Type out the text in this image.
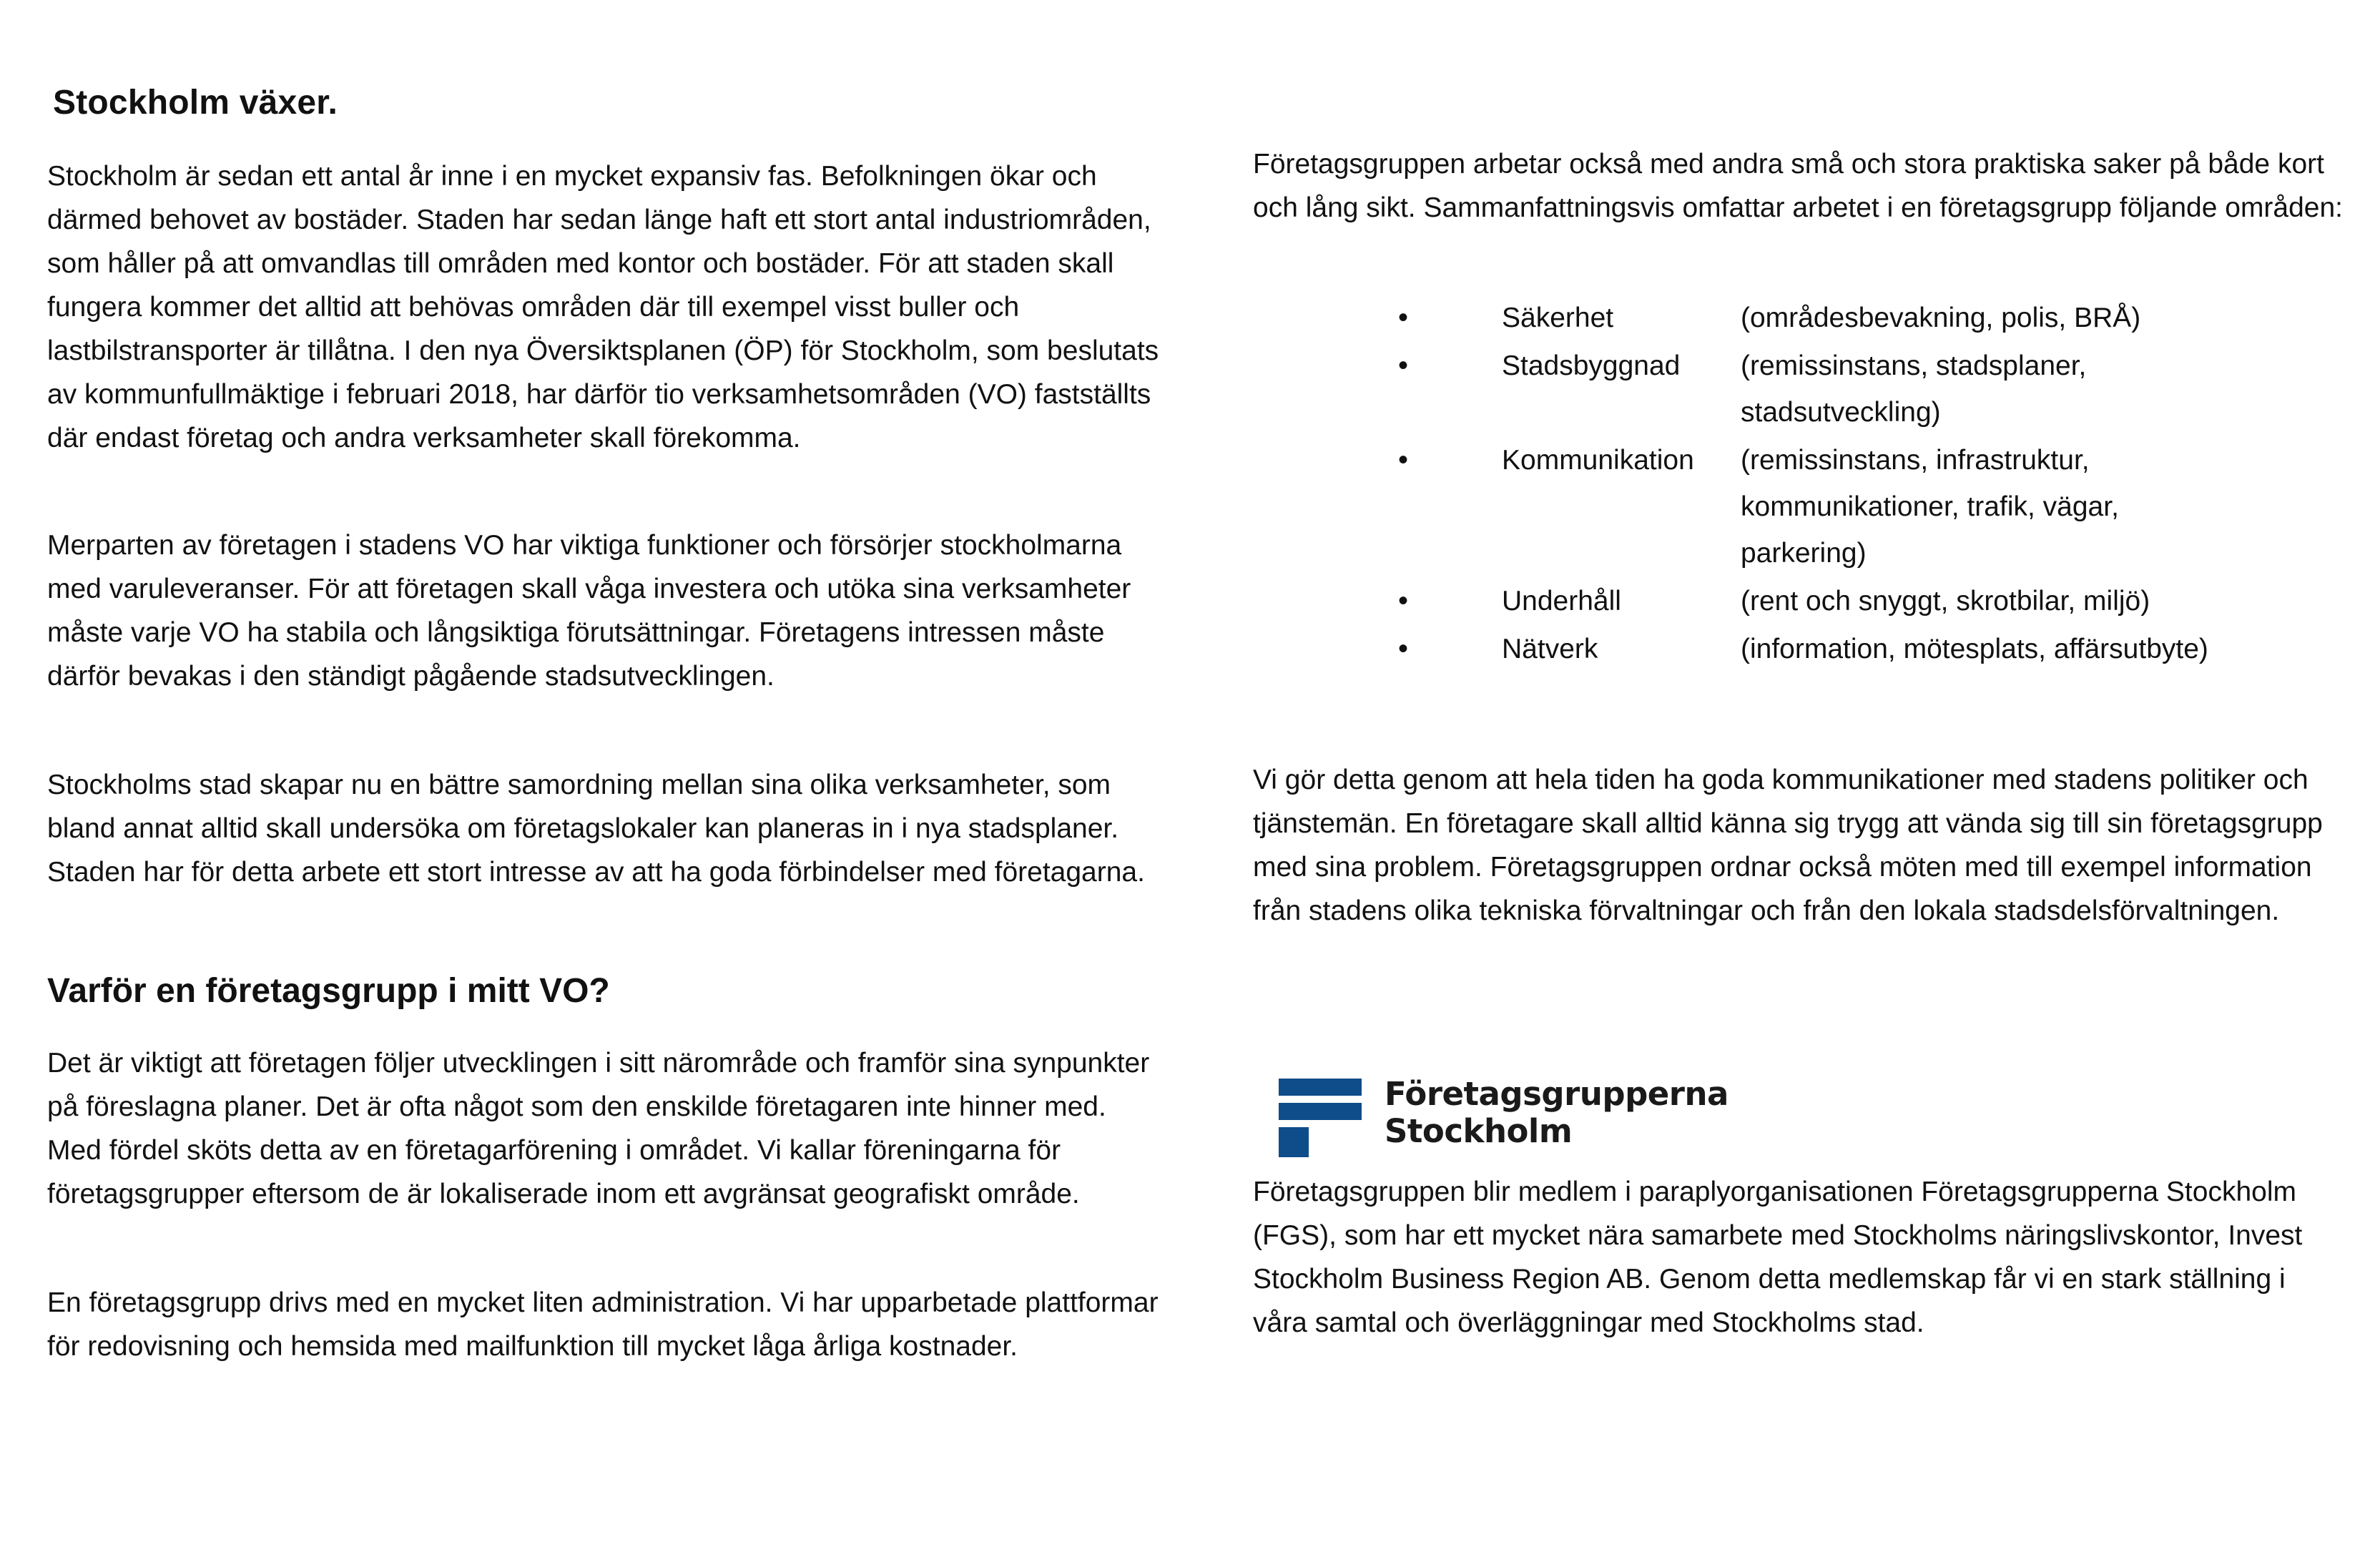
Stockholm växer.

Stockholm är sedan ett antal år inne i en mycket expansiv fas. Befolkningen ökar och därmed behovet av bostäder. Staden har sedan länge haft ett stort antal industriområden, som håller på att omvandlas till områden med kontor och bostäder. För att staden skall fungera kommer det alltid att behövas områden där till exempel visst buller och lastbilstransporter är tillåtna. I den nya Översiktsplanen (ÖP) för Stockholm, som beslutats av kommunfullmäktige i februari 2018, har därför tio verksamhetsområden (VO) fastställts där endast företag och andra verksamheter skall förekomma.

Merparten av företagen i stadens VO har viktiga funktioner och försörjer stockholmarna med varuleveranser. För att företagen skall våga investera och utöka sina verksamheter måste varje VO ha stabila och långsiktiga förutsättningar. Företagens intressen måste därför bevakas i den ständigt pågående stadsutvecklingen.

Stockholms stad skapar nu en bättre samordning mellan sina olika verksamheter, som bland annat alltid skall undersöka om företagslokaler kan planeras in i nya stadsplaner. Staden har för detta arbete ett stort intresse av att ha goda förbindelser med företagarna.

Varför en företagsgrupp i mitt VO?

Det är viktigt att företagen följer utvecklingen i sitt närområde och framför sina synpunkter på föreslagna planer. Det är ofta något som den enskilde företagaren inte hinner med. Med fördel sköts detta av en företagarförening i området. Vi kallar föreningarna för företagsgrupper eftersom de är lokaliserade inom ett avgränsat geografiskt område.

En företagsgrupp drivs med en mycket liten administration. Vi har upparbetade plattformar för redovisning och hemsida med mailfunktion till mycket låga årliga kostnader.

Företagsgruppen arbetar också med andra små och stora praktiska saker på både kort och lång sikt. Sammanfattningsvis omfattar arbetet i en företagsgrupp följande områden:

•	Säkerhet	(områdesbevakning, polis, BRÅ)
•	Stadsbyggnad	(remissinstans, stadsplaner, stadsutveckling)
•	Kommunikation	(remissinstans, infrastruktur, kommunikationer, trafik, vägar, parkering)
•	Underhåll	(rent och snyggt, skrotbilar, miljö)
•	Nätverk	(information, mötesplats, affärsutbyte)

Vi gör detta genom att hela tiden ha goda kommunikationer med stadens politiker och tjänstemän. En företagare skall alltid känna sig trygg att vända sig till sin företagsgrupp med sina problem. Företagsgruppen ordnar också möten med till exempel information från stadens olika tekniska förvaltningar och från den lokala stadsdelsförvaltningen.

Företagsgrupperna
Stockholm

Företagsgruppen blir medlem i paraplyorganisationen Företagsgrupperna Stockholm (FGS), som har ett mycket nära samarbete med Stockholms näringslivskontor, Invest Stockholm Business Region AB. Genom detta medlemskap får vi en stark ställning i våra samtal och överläggningar med Stockholms stad.
